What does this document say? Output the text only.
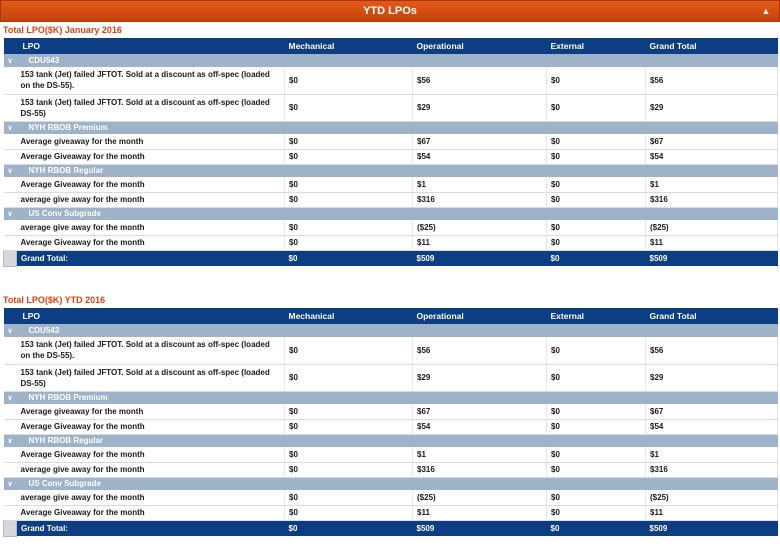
YTD LPOs	▲
Total LPO($K) January 2016
	LPO	Mechanical	Operational	External	Grand Total
∨	CDU543				
	153 tank (Jet) failed JFTOT. Sold at a discount as off-spec (loaded on the DS-55).	$0	$56	$0	$56
	153 tank (Jet) failed JFTOT. Sold at a discount as off-spec (loaded DS-55)	$0	$29	$0	$29
∨	NYH RBOB Premium				
	Average giveaway for the month	$0	$67	$0	$67
	Average Giveaway for the month	$0	$54	$0	$54
∨	NYH RBOB Regular				
	Average Giveaway for the month	$0	$1	$0	$1
	average give away for the month	$0	$316	$0	$316
∨	US Conv Subgrade				
	average give away for the month	$0	($25)	$0	($25)
	Average Giveaway for the month	$0	$11	$0	$11
	Grand Total:	$0	$509	$0	$509
Total LPO($K) YTD 2016
	LPO	Mechanical	Operational	External	Grand Total
∨	CDU543				
	153 tank (Jet) failed JFTOT. Sold at a discount as off-spec (loaded on the DS-55).	$0	$56	$0	$56
	153 tank (Jet) failed JFTOT. Sold at a discount as off-spec (loaded DS-55)	$0	$29	$0	$29
∨	NYH RBOB Premium				
	Average giveaway for the month	$0	$67	$0	$67
	Average Giveaway for the month	$0	$54	$0	$54
∨	NYH RBOB Regular				
	Average Giveaway for the month	$0	$1	$0	$1
	average give away for the month	$0	$316	$0	$316
∨	US Conv Subgrade				
	average give away for the month	$0	($25)	$0	($25)
	Average Giveaway for the month	$0	$11	$0	$11
	Grand Total:	$0	$509	$0	$509
